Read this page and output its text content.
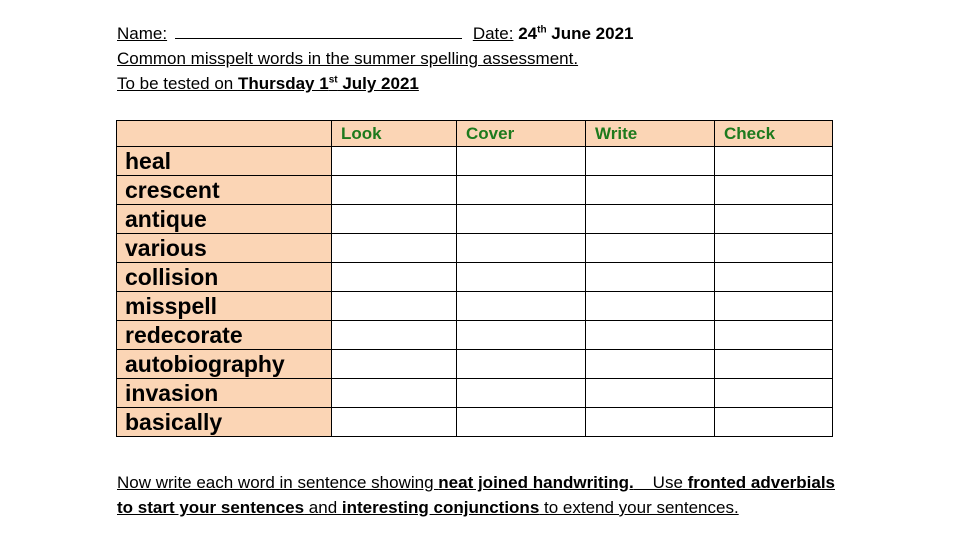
Name:	Date: 24th June 2021
Common misspelt words in the summer spelling assessment.
To be tested on Thursday 1st July 2021
	Look	Cover	Write	Check
heal				
crescent				
antique				
various				
collision				
misspell				
redecorate				
autobiography				
invasion				
basically				
Now write each word in sentence showing neat joined handwriting.    Use fronted adverbials to start your sentences and interesting conjunctions to extend your sentences.
